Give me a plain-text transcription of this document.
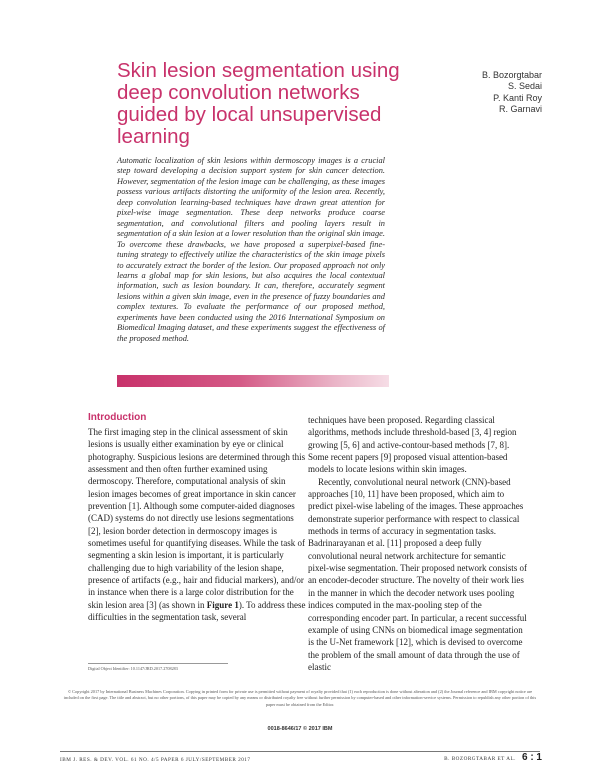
Skin lesion segmentation using deep convolution networks guided by local unsupervised learning
B. Bozorgtabar
S. Sedai
P. Kanti Roy
R. Garnavi

Automatic localization of skin lesions within dermoscopy images is a crucial step toward developing a decision support system for skin cancer detection. However, segmentation of the lesion image can be challenging, as these images possess various artifacts distorting the uniformity of the lesion area. Recently, deep convolution learning-based techniques have drawn great attention for pixel-wise image segmentation. These deep networks produce coarse segmentation, and convolutional filters and pooling layers result in segmentation of a skin lesion at a lower resolution than the original skin image. To overcome these drawbacks, we have proposed a superpixel-based fine-tuning strategy to effectively utilize the characteristics of the skin image pixels to accurately extract the border of the lesion. Our proposed approach not only learns a global map for skin lesions, but also acquires the local contextual information, such as lesion boundary. It can, therefore, accurately segment lesions within a given skin image, even in the presence of fuzzy boundaries and complex textures. To evaluate the performance of our proposed method, experiments have been conducted using the 2016 International Symposium on Biomedical Imaging dataset, and these experiments suggest the effectiveness of the proposed method.

Introduction

The first imaging step in the clinical assessment of skin lesions is usually either examination by eye or clinical photography. Suspicious lesions are determined through this assessment and then often further examined using dermoscopy. Therefore, computational analysis of skin lesion images becomes of great importance in skin cancer prevention [1]. Although some computer-aided diagnoses (CAD) systems do not directly use lesions segmentations [2], lesion border detection in dermoscopy images is sometimes useful for quantifying diseases. While the task of segmenting a skin lesion is important, it is particularly challenging due to high variability of the lesion shape, presence of artifacts (e.g., hair and fiducial markers), and/or in instance when there is a large color distribution for the skin lesion area [3] (as shown in Figure 1). To address these difficulties in the segmentation task, several

techniques have been proposed. Regarding classical algorithms, methods include threshold-based [3, 4] region growing [5, 6] and active-contour-based methods [7, 8]. Some recent papers [9] proposed visual attention-based models to locate lesions within skin images.

Recently, convolutional neural network (CNN)-based approaches [10, 11] have been proposed, which aim to predict pixel-wise labeling of the images. These approaches demonstrate superior performance with respect to classical methods in terms of accuracy in segmentation tasks. Badrinarayanan et al. [11] proposed a deep fully convolutional neural network architecture for semantic pixel-wise segmentation. Their proposed network consists of an encoder-decoder structure. The novelty of their work lies in the manner in which the decoder network uses pooling indices computed in the max-pooling step of the corresponding encoder part. In particular, a recent successful example of using CNNs on biomedical image segmentation is the U-Net framework [12], which is devised to overcome the problem of the small amount of data through the use of elastic

Digital Object Identifier: 10.1147/JRD.2017.2708283

© Copyright 2017 by International Business Machines Corporation. Copying in printed form for private use is permitted without payment of royalty provided that (1) each reproduction is done without alteration and (2) the Journal reference and IBM copyright notice are included on the first page. The title and abstract, but no other portions, of this paper may be copied by any means or distributed royalty free without further permission by computer-based and other information-service systems. Permission to republish any other portion of this paper must be obtained from the Editor.

0018-8646/17 © 2017 IBM
IBM J. RES. & DEV. VOL. 61 NO. 4/5 PAPER 6 JULY/SEPTEMBER 2017	B. BOZORGTABAR ET AL. 6 : 1
